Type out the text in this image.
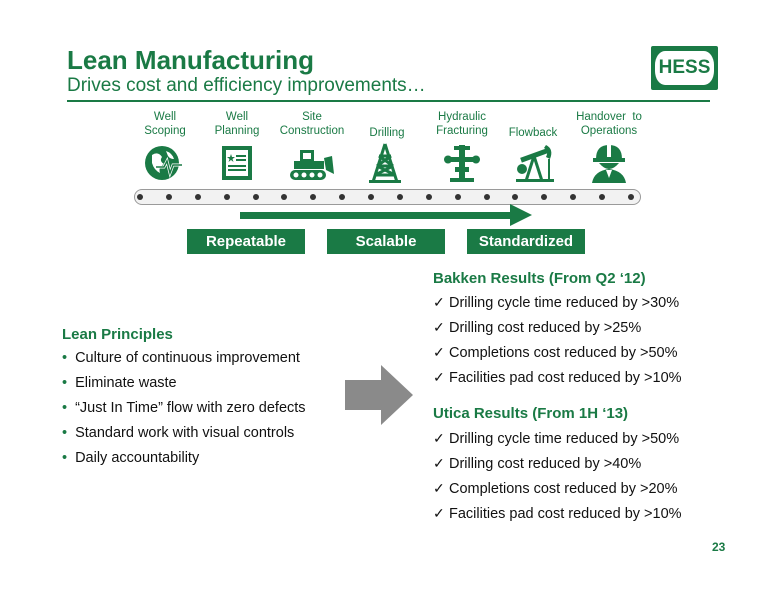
Lean Manufacturing
Drives cost and efficiency improvements…
HESS
Well
Scoping
Well
Planning
Site
Construction	Drilling
Hydraulic
Fracturing	Flowback
Handover  to
Operations
Repeatable	Scalable	Standardized
Lean Principles
• Culture of continuous improvement
• Eliminate waste
• “Just In Time” flow with zero defects
• Standard work with visual controls
• Daily accountability
Bakken Results (From Q2 ‘12)
✓ Drilling cycle time reduced by >30%
✓ Drilling cost reduced by >25%
✓ Completions cost reduced by >50%
✓ Facilities pad cost reduced by >10%
Utica Results (From 1H ‘13)
✓ Drilling cycle time reduced by >50%
✓ Drilling cost reduced by >40%
✓ Completions cost reduced by >20%
✓ Facilities pad cost reduced by >10%
23
